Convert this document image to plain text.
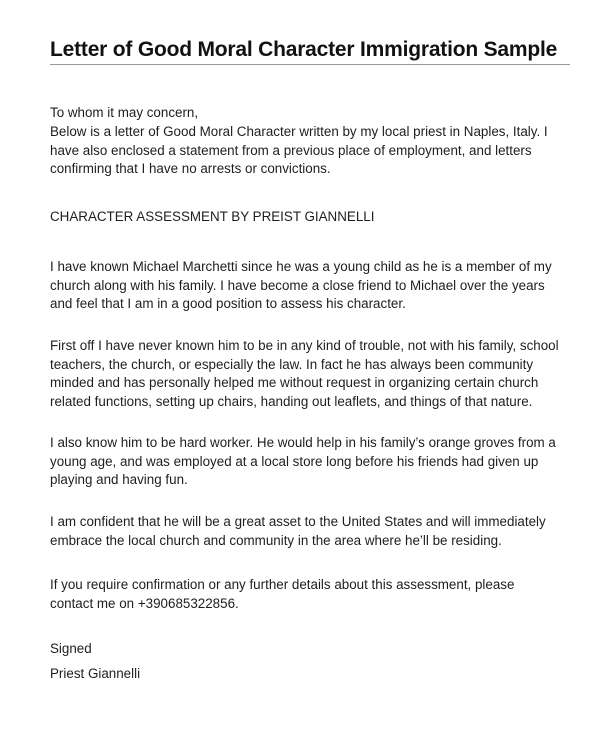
Letter of Good Moral Character Immigration Sample

To whom it may concern,

Below is a letter of Good Moral Character written by my local priest in Naples, Italy. I have also enclosed a statement from a previous place of employment, and letters confirming that I have no arrests or convictions.

CHARACTER ASSESSMENT BY PREIST GIANNELLI

I have known Michael Marchetti since he was a young child as he is a member of my church along with his family. I have become a close friend to Michael over the years and feel that I am in a good position to assess his character.

First off I have never known him to be in any kind of trouble, not with his family, school teachers, the church, or especially the law. In fact he has always been community minded and has personally helped me without request in organizing certain church related functions, setting up chairs, handing out leaflets, and things of that nature.

I also know him to be hard worker. He would help in his family’s orange groves from a young age, and was employed at a local store long before his friends had given up playing and having fun.

I am confident that he will be a great asset to the United States and will immediately embrace the local church and community in the area where he’ll be residing.

If you require confirmation or any further details about this assessment, please contact me on +390685322856.

Signed

Priest Giannelli
